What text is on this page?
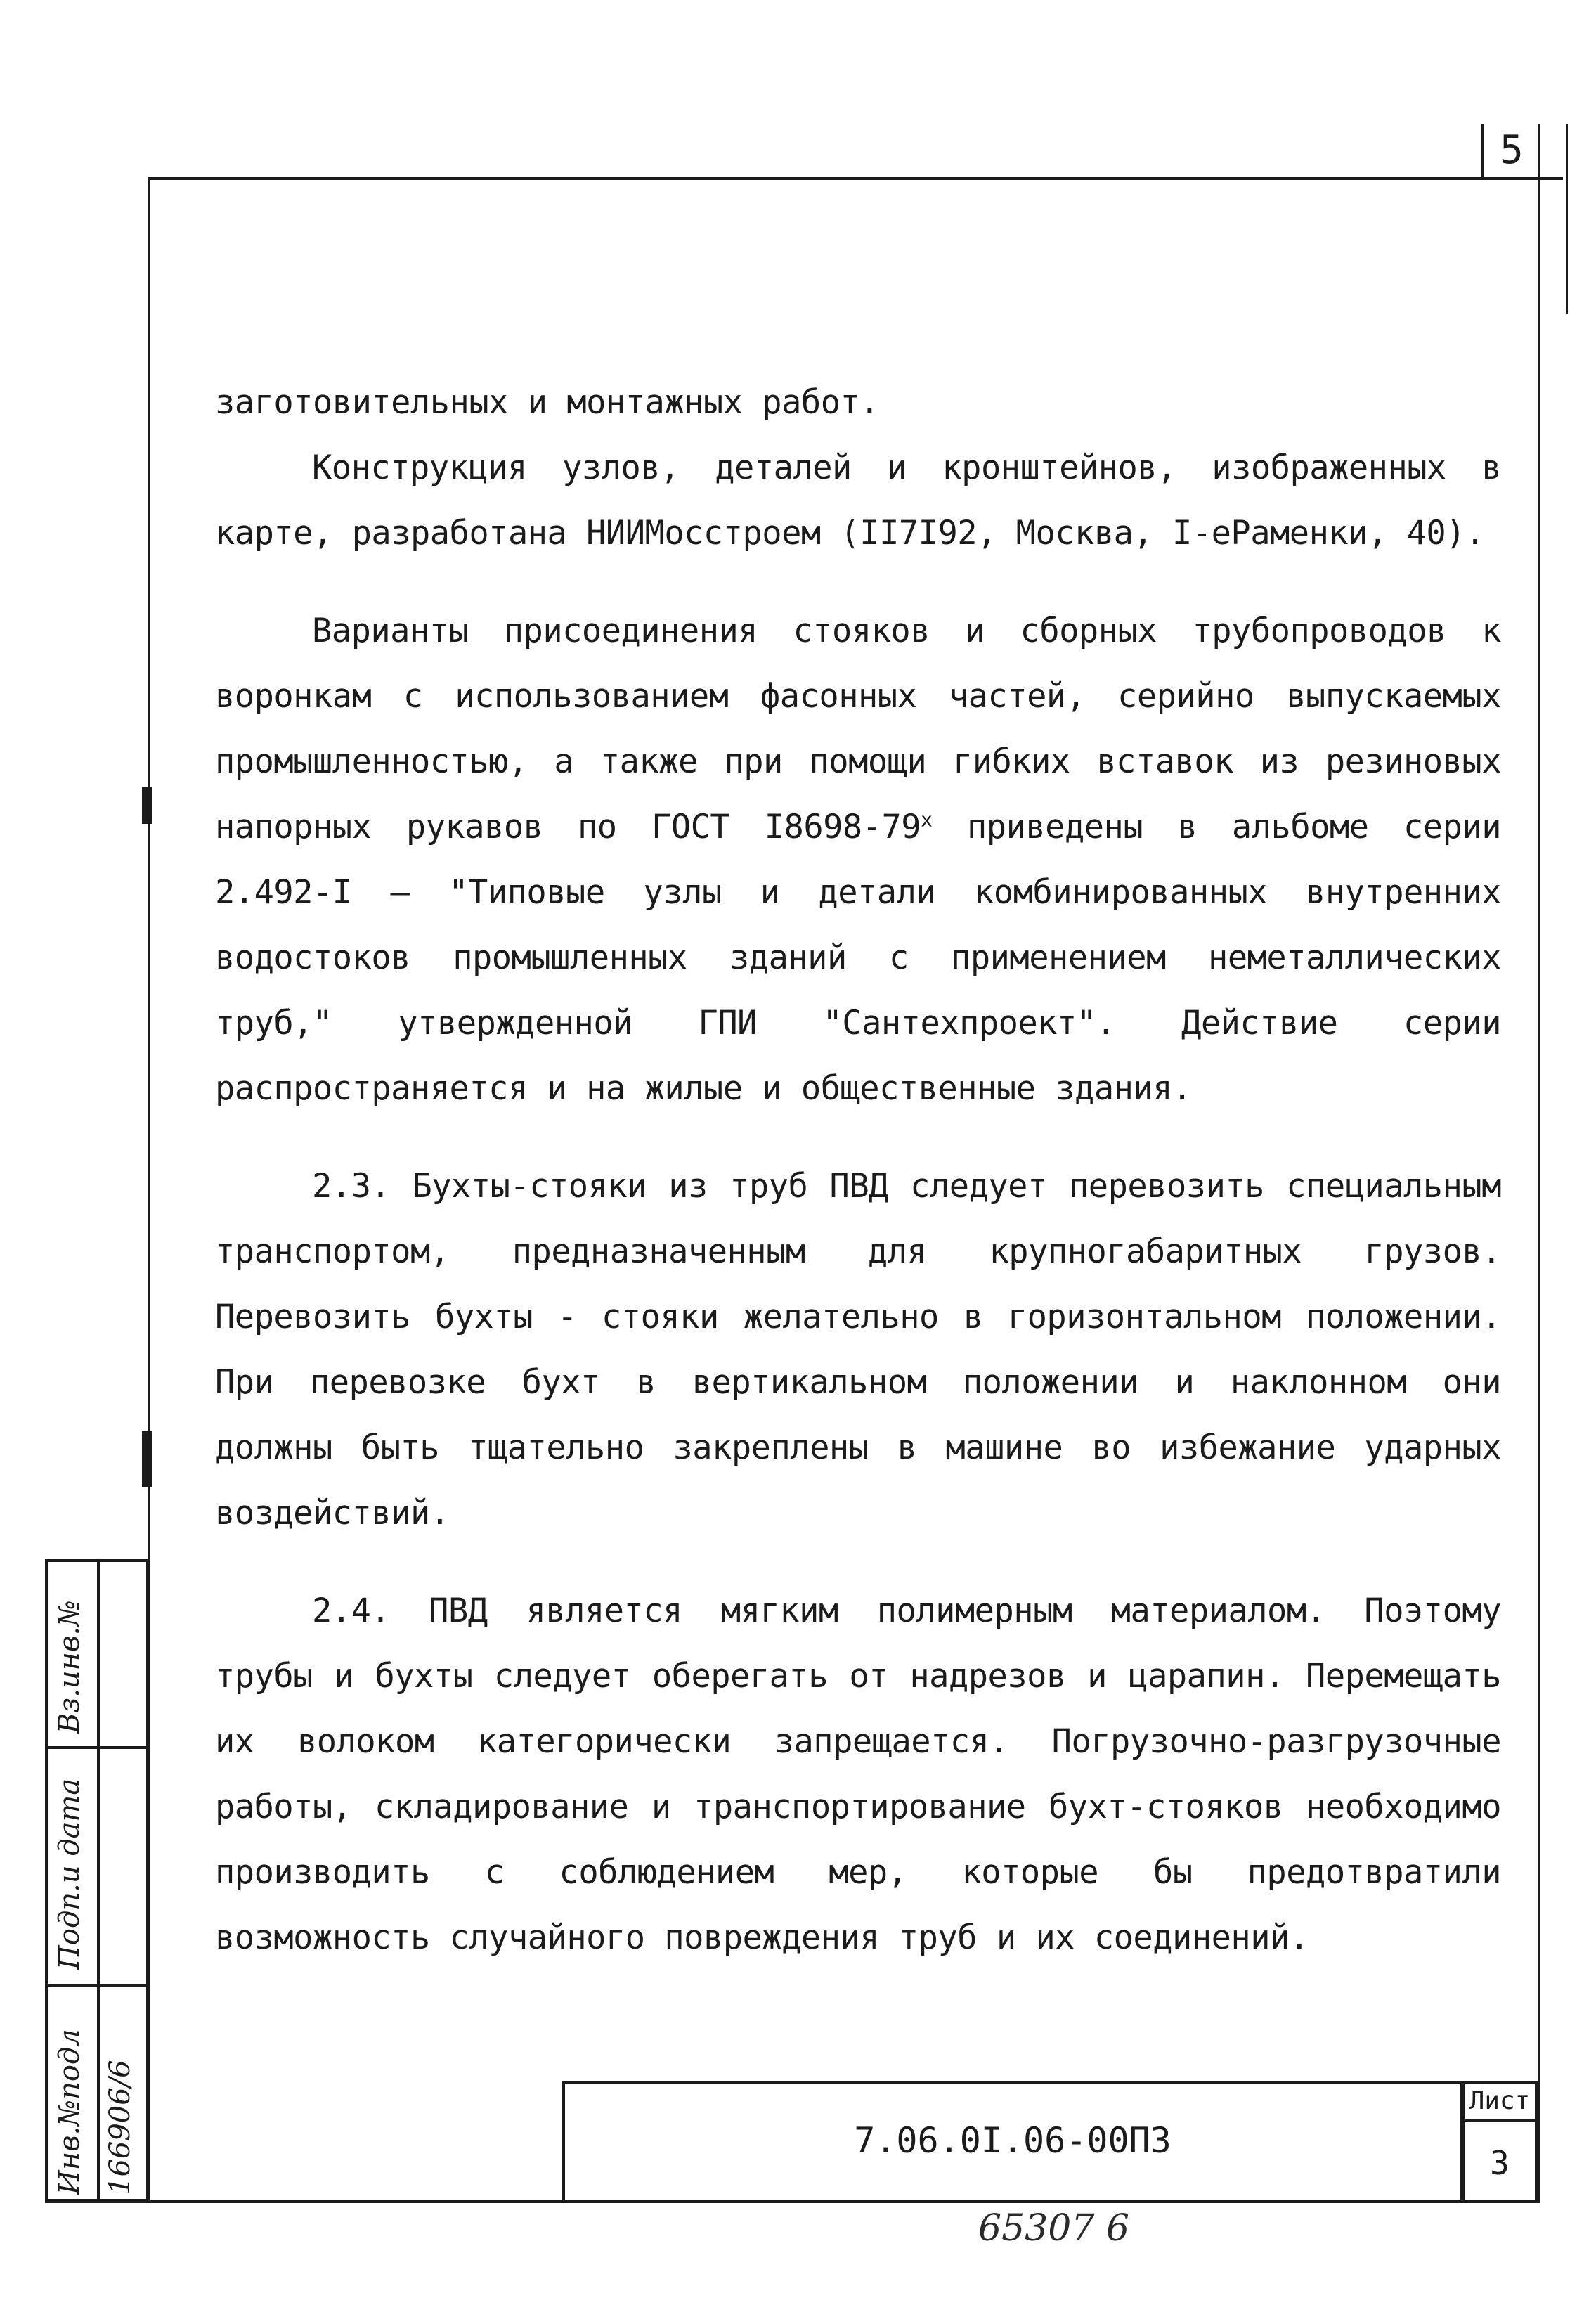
5

заготовительных и монтажных работ.

Конструкция узлов, деталей и кронштейнов, изображенных в карте, разработана НИИМосстроем (II7I92, Москва, I-еРаменки, 40).

Варианты присоединения стояков и сборных трубопроводов к воронкам с использованием фасонных частей, серийно выпускаемых промышленностью, а также при помощи гибких вставок из резиновых напорных рукавов по ГОСТ $I8698-79^х$ приведены в альбоме серии 2.492-I – "Типовые узлы и детали комбинированных внутренних водостоков промышленных зданий с применением неметаллических труб," утвержденной ГПИ "Сантехпроект". Действие серии распространяется и на жилые и общественные здания.

2.3. Бухты-стояки из труб ПВД следует перевозить специальным транспортом, предназначенным для крупногабаритных грузов. Перевозить бухты - стояки желательно в горизонтальном положении. При перевозке бухт в вертикальном положении и наклонном они должны быть тщательно закреплены в машине во избежание ударных воздействий.

2.4. ПВД является мягким полимерным материалом. Поэтому трубы и бухты следует оберегать от надрезов и царапин. Перемещать их волоком категорически запрещается. Погрузочно-разгрузочные работы, складирование и транспортирование бухт-стояков необходимо производить с соблюдением мер, которые бы предотвратили возможность случайного повреждения труб и их соединений.

7.06.0I.06-00ПЗ
Лист
3
65307 6
Вз.инв.№
Подп.и дата
Инв.№подл 166906/6
